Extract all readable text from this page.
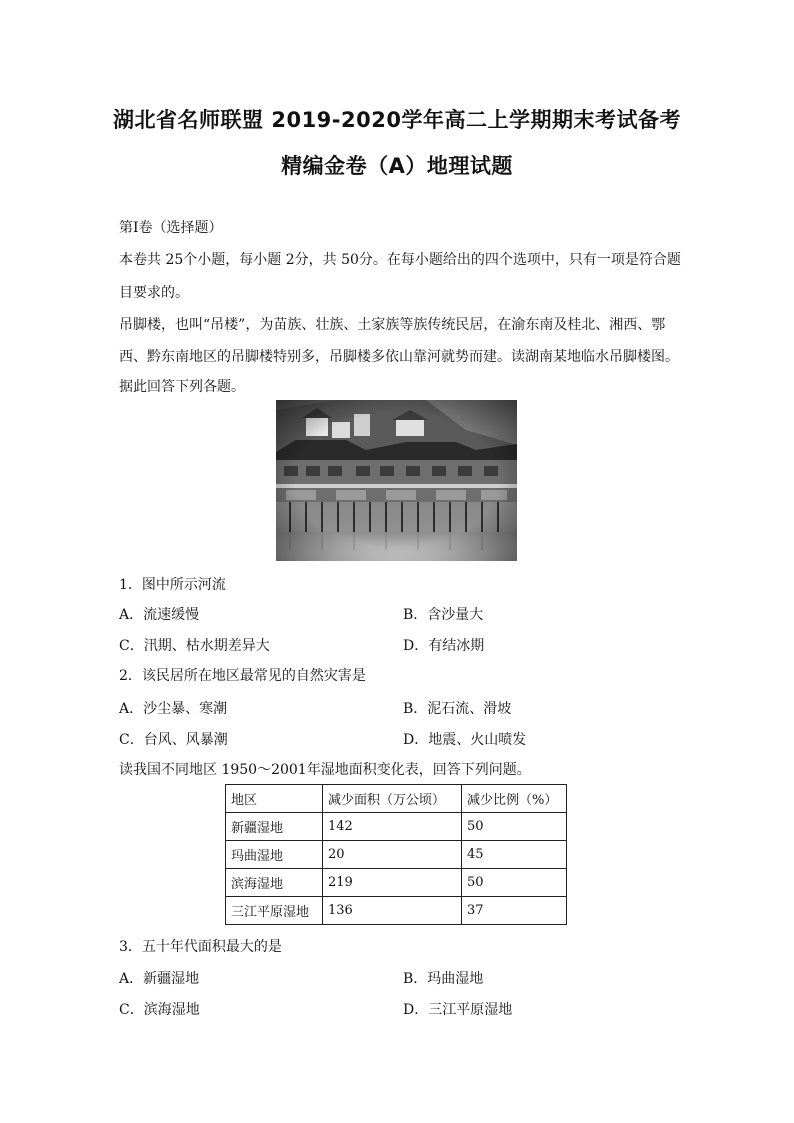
湖北省名师联盟 2019-2020学年高二上学期期末考试备考
精编金卷（A）地理试题
第Ⅰ卷（选择题）
本卷共 25个小题，每小题 2分，共 50分。在每小题给出的四个选项中，只有一项是符合题
目要求的。
吊脚楼，也叫“吊楼”，为苗族、壮族、土家族等族传统民居，在渝东南及桂北、湘西、鄂
西、黔东南地区的吊脚楼特别多，吊脚楼多依山靠河就势而建。读湖南某地临水吊脚楼图。
据此回答下列各题。
1．图中所示河流
A．流速缓慢	B．含沙量大
C．汛期、枯水期差异大	D．有结冰期
2．该民居所在地区最常见的自然灾害是
A．沙尘暴、寒潮	B．泥石流、滑坡
C．台风、风暴潮	D．地震、火山喷发
读我国不同地区 1950～2001年湿地面积变化表，回答下列问题。
地区	减少面积（万公顷）	减少比例（%）
新疆湿地	142	50
玛曲湿地	20	45
滨海湿地	219	50
三江平原湿地	136	37
3．五十年代面积最大的是
A．新疆湿地	B．玛曲湿地
C．滨海湿地	D．三江平原湿地
